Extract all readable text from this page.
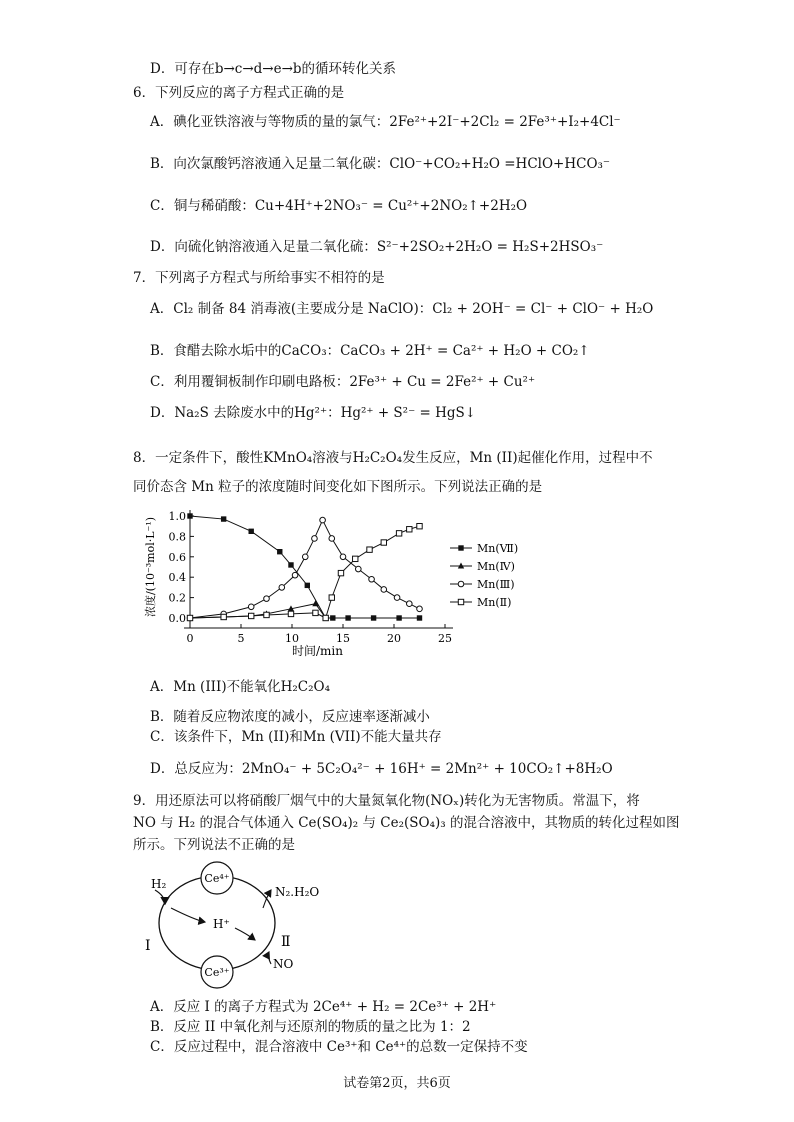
D．可存在b→c→d→e→b的循环转化关系
6．下列反应的离子方程式正确的是
A．碘化亚铁溶液与等物质的量的氯气：2Fe²⁺+2I⁻+2Cl₂ = 2Fe³⁺+I₂+4Cl⁻
B．向次氯酸钙溶液通入足量二氧化碳：ClO⁻+CO₂+H₂O =HClO+HCO₃⁻
C．铜与稀硝酸：Cu+4H⁺+2NO₃⁻ = Cu²⁺+2NO₂↑+2H₂O
D．向硫化钠溶液通入足量二氧化硫：S²⁻+2SO₂+2H₂O = H₂S+2HSO₃⁻
7．下列离子方程式与所给事实不相符的是
A．Cl₂ 制备 84 消毒液(主要成分是 NaClO)：Cl₂ + 2OH⁻ = Cl⁻ + ClO⁻ + H₂O
B．食醋去除水垢中的CaCO₃：CaCO₃ + 2H⁺ = Ca²⁺ + H₂O + CO₂↑
C．利用覆铜板制作印刷电路板：2Fe³⁺ + Cu = 2Fe²⁺ + Cu²⁺
D．Na₂S 去除废水中的Hg²⁺：Hg²⁺ + S²⁻ = HgS↓
8．一定条件下，酸性KMnO₄溶液与H₂C₂O₄发生反应，Mn (II)起催化作用，过程中不
同价态含 Mn 粒子的浓度随时间变化如下图所示。下列说法正确的是
0	5	10	15	20	25
0.0
0.2
0.4
0.6
0.8
1.0
时间/min
浓度/(10⁻³mol·L⁻¹)	Mn(Ⅶ)
Mn(Ⅳ)
Mn(Ⅲ)
Mn(Ⅱ)
A．Mn (III)不能氧化H₂C₂O₄
B．随着反应物浓度的减小，反应速率逐渐减小
C．该条件下，Mn (II)和Mn (VII)不能大量共存
D．总反应为：2MnO₄⁻ + 5C₂O₄²⁻ + 16H⁺ = 2Mn²⁺ + 10CO₂↑+8H₂O
9．用还原法可以将硝酸厂烟气中的大量氮氧化物(NOₓ)转化为无害物质。常温下，将
NO 与 H₂ 的混合气体通入 Ce(SO₄)₂ 与 Ce₂(SO₄)₃ 的混合溶液中，其物质的转化过程如图
所示。下列说法不正确的是
Ce⁴⁺
Ce³⁺
H₂
H⁺
N₂.H₂O
NO
Ⅰ	Ⅱ
A．反应 I 的离子方程式为 2Ce⁴⁺ + H₂ = 2Ce³⁺ + 2H⁺
B．反应 II 中氧化剂与还原剂的物质的量之比为 1：2
C．反应过程中，混合溶液中 Ce³⁺和 Ce⁴⁺的总数一定保持不变
试卷第2页，共6页
